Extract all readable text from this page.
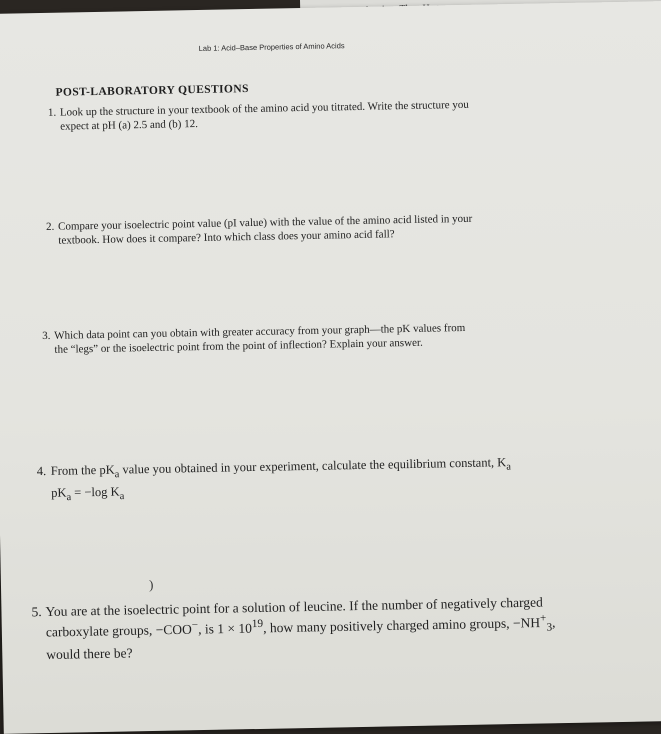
Lab 1: Acid–Base Properties of Amino Acids
POST-LABORATORY QUESTIONS
1. Look up the structure in your textbook of the amino acid you titrated. Write the structure you
expect at pH (a) 2.5 and (b) 12.
2. Compare your isoelectric point value (pI value) with the value of the amino acid listed in your
textbook. How does it compare? Into which class does your amino acid fall?
3. Which data point can you obtain with greater accuracy from your graph—the pK values from
the “legs” or the isoelectric point from the point of inflection? Explain your answer.
4. From the $pK_a$ value you obtained in your experiment, calculate the equilibrium constant, $K_a$
$pK_a = -\log$ $K_a$
)
5. You are at the isoelectric point for a solution of leucine. If the number of negatively charged
carboxylate groups, −COO−, is $1 \times 10^{19}$, how many positively charged amino groups, $-NH^+_3$,
would there be?
